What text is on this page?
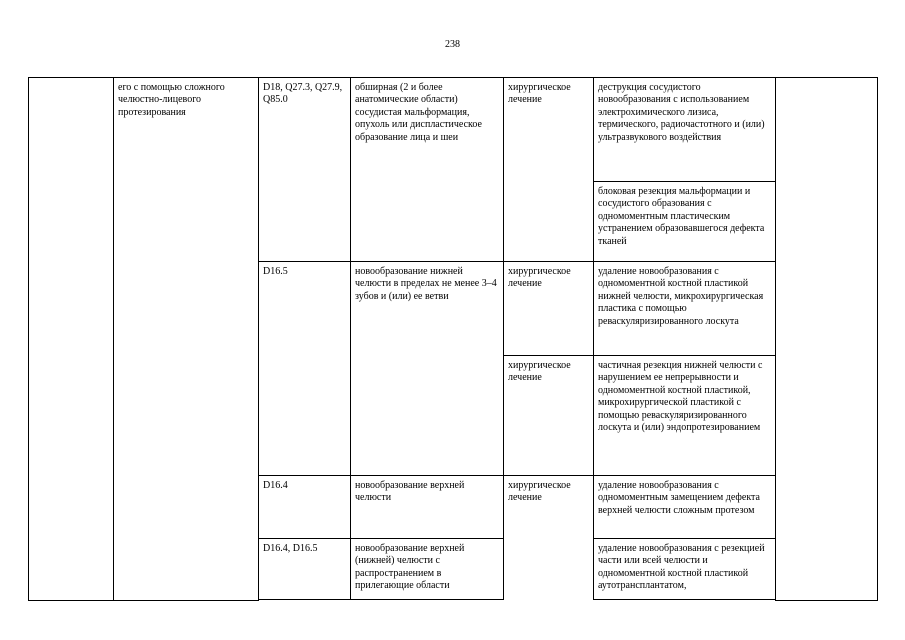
238

	его с помощью сложного челюстно-лицевого протезирования	D18, Q27.3, Q27.9, Q85.0	обширная (2 и более анатомические области) сосудистая мальформация, опухоль или диспластическое образование лица и шеи	хирургическое лечение	деструкция сосудистого новообразования с использованием электрохимического лизиса, термического, радиочастотного и (или) ультразвукового воздействия	

					блоковая резекция мальформации и сосудистого образования с одномоментным пластическим устранением образовавшегося дефекта тканей	

		D16.5	новообразование нижней челюсти в пределах не менее 3–4 зубов и (или) ее ветви	хирургическое лечение	удаление новообразования с одномоментной костной пластикой нижней челюсти, микрохирургическая пластика с помощью реваскуляризированного лоскута	

				хирургическое лечение	частичная резекция нижней челюсти с нарушением ее непрерывности и одномоментной костной пластикой, микрохирургической пластикой с помощью реваскуляризированного лоскута и (или) эндопротезированием	

		D16.4	новообразование верхней челюсти	хирургическое лечение	удаление новообразования с одномоментным замещением дефекта верхней челюсти сложным протезом	

		D16.4, D16.5	новообразование верхней (нижней) челюсти с распространением в прилегающие области		удаление новообразования с резекцией части или всей челюсти и одномоментной костной пластикой аутотрансплантатом,	
